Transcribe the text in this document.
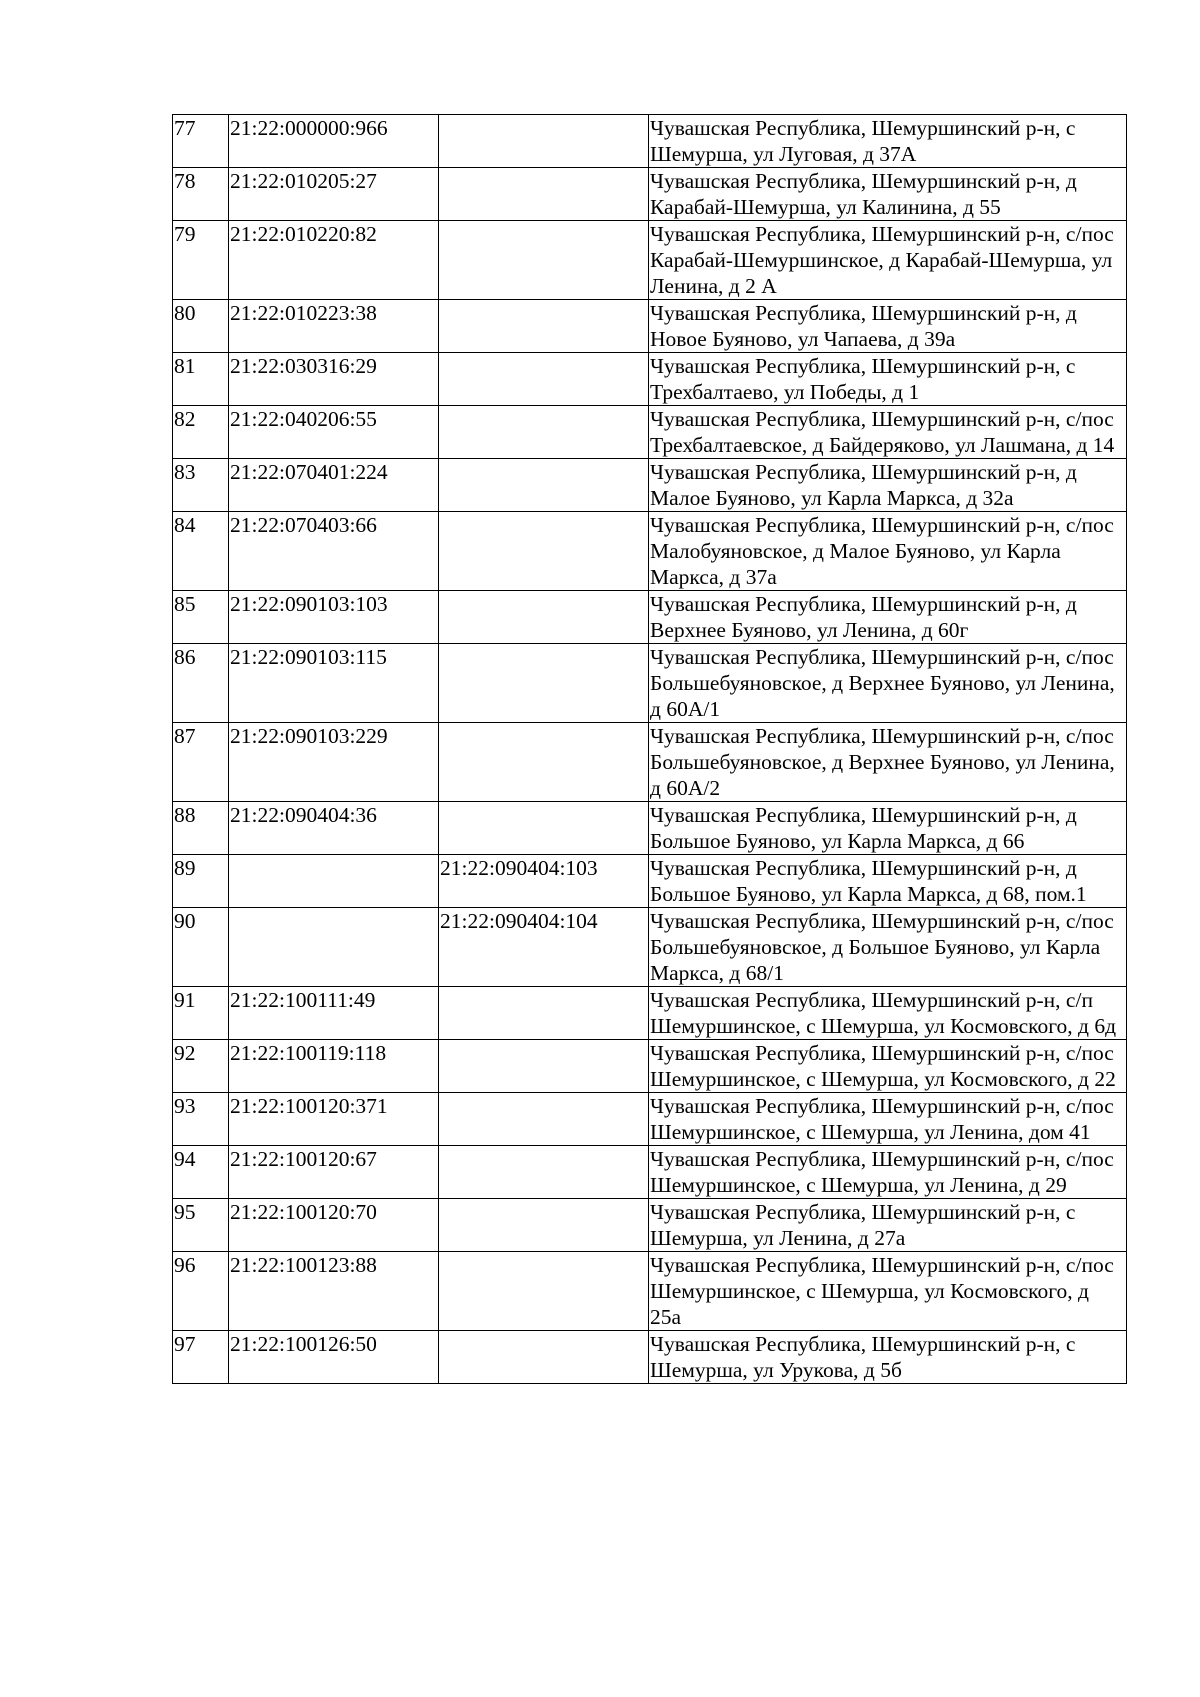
77	21:22:000000:966		Чувашская Республика, Шемуршинский р-н, с Шемурша, ул Луговая, д 37А
78	21:22:010205:27		Чувашская Республика, Шемуршинский р-н, д Карабай-Шемурша, ул Калинина, д 55
79	21:22:010220:82		Чувашская Республика, Шемуршинский р-н, с/пос Карабай-Шемуршинское, д Карабай-Шемурша, ул Ленина, д 2 А
80	21:22:010223:38		Чувашская Республика, Шемуршинский р-н, д Новое Буяново, ул Чапаева, д 39а
81	21:22:030316:29		Чувашская Республика, Шемуршинский р-н, с Трехбалтаево, ул Победы, д 1
82	21:22:040206:55		Чувашская Республика, Шемуршинский р-н, с/пос Трехбалтаевское, д Байдеряково, ул Лашмана, д 14
83	21:22:070401:224		Чувашская Республика, Шемуршинский р-н, д Малое Буяново, ул Карла Маркса, д 32а
84	21:22:070403:66		Чувашская Республика, Шемуршинский р-н, с/пос Малобуяновское, д Малое Буяново, ул Карла Маркса, д 37а
85	21:22:090103:103		Чувашская Республика, Шемуршинский р-н, д Верхнее Буяново, ул Ленина, д 60г
86	21:22:090103:115		Чувашская Республика, Шемуршинский р-н, с/пос Большебуяновское, д Верхнее Буяново, ул Ленина, д 60А/1
87	21:22:090103:229		Чувашская Республика, Шемуршинский р-н, с/пос Большебуяновское, д Верхнее Буяново, ул Ленина, д 60А/2
88	21:22:090404:36		Чувашская Республика, Шемуршинский р-н, д Большое Буяново, ул Карла Маркса, д 66
89		21:22:090404:103	Чувашская Республика, Шемуршинский р-н, д Большое Буяново, ул Карла Маркса, д 68, пом.1
90		21:22:090404:104	Чувашская Республика, Шемуршинский р-н, с/пос Большебуяновское, д Большое Буяново, ул Карла Маркса, д 68/1
91	21:22:100111:49		Чувашская Республика, Шемуршинский р-н, с/п Шемуршинское, с Шемурша, ул Космовского, д 6д
92	21:22:100119:118		Чувашская Республика, Шемуршинский р-н, с/пос Шемуршинское, с Шемурша, ул Космовского, д 22
93	21:22:100120:371		Чувашская Республика, Шемуршинский р-н, с/пос Шемуршинское, с Шемурша, ул Ленина, дом 41
94	21:22:100120:67		Чувашская Республика, Шемуршинский р-н, с/пос Шемуршинское, с Шемурша, ул Ленина, д 29
95	21:22:100120:70		Чувашская Республика, Шемуршинский р-н, с Шемурша, ул Ленина, д 27а
96	21:22:100123:88		Чувашская Республика, Шемуршинский р-н, с/пос Шемуршинское, с Шемурша, ул Космовского, д 25а
97	21:22:100126:50		Чувашская Республика, Шемуршинский р-н, с Шемурша, ул Урукова, д 5б
